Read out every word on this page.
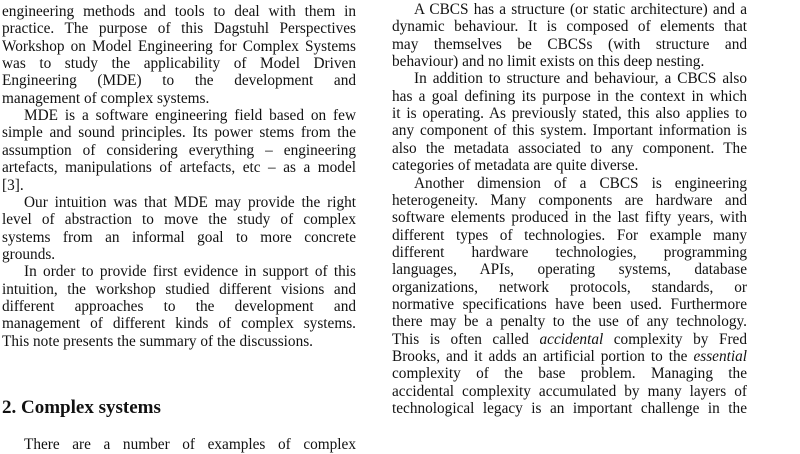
engineering methods and tools to deal with them in
practice. The purpose of this Dagstuhl Perspectives
Workshop on Model Engineering for Complex Systems
was to study the applicability of Model Driven
Engineering (MDE) to the development and
management of complex systems.
MDE is a software engineering field based on few
simple and sound principles. Its power stems from the
assumption of considering everything – engineering
artefacts, manipulations of artefacts, etc – as a model
[3].
Our intuition was that MDE may provide the right
level of abstraction to move the study of complex
systems from an informal goal to more concrete
grounds.
In order to provide first evidence in support of this
intuition, the workshop studied different visions and
different approaches to the development and
management of different kinds of complex systems.
This note presents the summary of the discussions.
There are a number of examples of complex
2. Complex systems
A CBCS has a structure (or static architecture) and a
dynamic behaviour. It is composed of elements that
may themselves be CBCSs (with structure and
behaviour) and no limit exists on this deep nesting.
In addition to structure and behaviour, a CBCS also
has a goal defining its purpose in the context in which
it is operating. As previously stated, this also applies to
any component of this system. Important information is
also the metadata associated to any component. The
categories of metadata are quite diverse.
Another dimension of a CBCS is engineering
heterogeneity. Many components are hardware and
software elements produced in the last fifty years, with
different types of technologies. For example many
different hardware technologies, programming
languages, APIs, operating systems, database
organizations, network protocols, standards, or
normative specifications have been used. Furthermore
there may be a penalty to the use of any technology.
This is often called accidental complexity by Fred
Brooks, and it adds an artificial portion to the essential
complexity of the base problem. Managing the
accidental complexity accumulated by many layers of
technological legacy is an important challenge in the
